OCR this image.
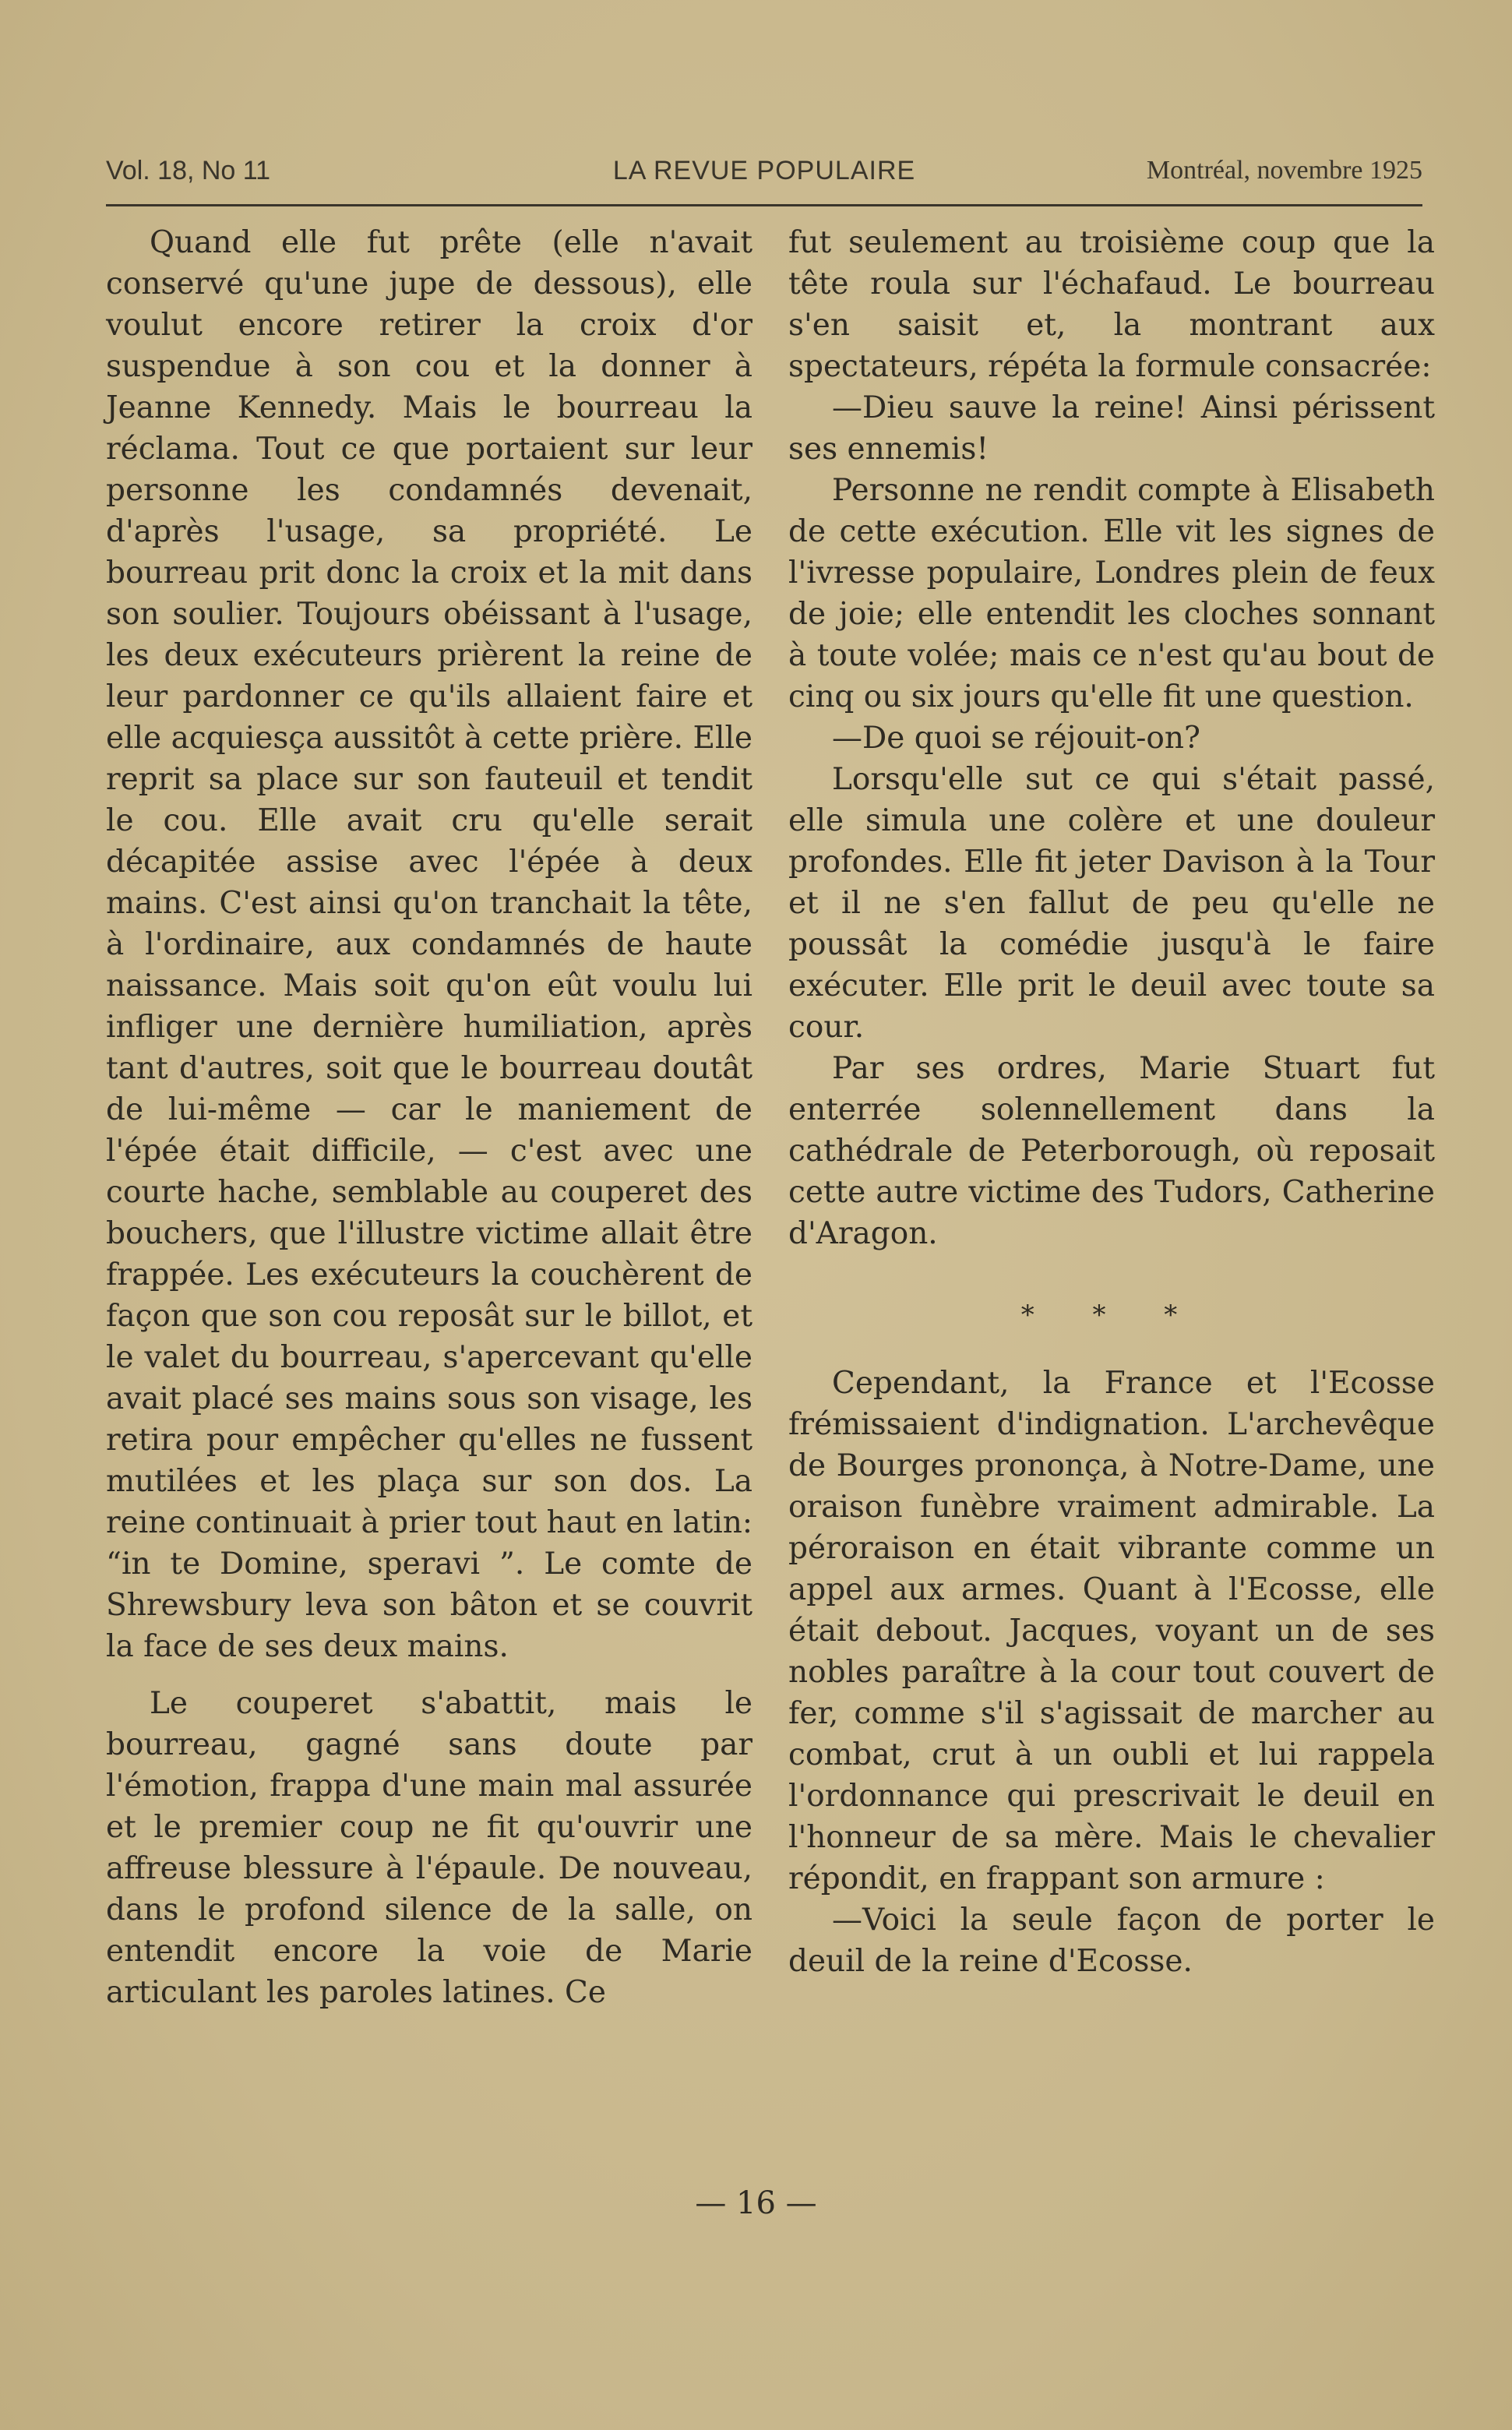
Vol. 18, No 11	LA REVUE POPULAIRE	Montréal, novembre 1925

Quand elle fut prête (elle n'avait conservé qu'une jupe de dessous), elle voulut encore retirer la croix d'or suspendue à son cou et la donner à Jeanne Kennedy. Mais le bourreau la réclama. Tout ce que portaient sur leur personne les condamnés devenait, d'après l'usage, sa propriété. Le bourreau prit donc la croix et la mit dans son soulier. Toujours obéissant à l'usage, les deux exécuteurs prièrent la reine de leur pardonner ce qu'ils allaient faire et elle acquiesça aussitôt à cette prière. Elle reprit sa place sur son fauteuil et tendit le cou. Elle avait cru qu'elle serait décapitée assise avec l'épée à deux mains. C'est ainsi qu'on tranchait la tête, à l'ordinaire, aux condamnés de haute naissance. Mais soit qu'on eût voulu lui infliger une dernière humiliation, après tant d'autres, soit que le bourreau doutât de lui-même — car le maniement de l'épée était difficile, — c'est avec une courte hache, semblable au couperet des bouchers, que l'illustre victime allait être frappée. Les exécuteurs la couchèrent de façon que son cou reposât sur le billot, et le valet du bourreau, s'apercevant qu'elle avait placé ses mains sous son visage, les retira pour empêcher qu'elles ne fussent mutilées et les plaça sur son dos. La reine continuait à prier tout haut en latin: “in te Domine, speravi ”. Le comte de Shrewsbury leva son bâton et se couvrit la face de ses deux mains.

Le couperet s'abattit, mais le bourreau, gagné sans doute par l'émotion, frappa d'une main mal assurée et le premier coup ne fit qu'ouvrir une affreuse blessure à l'épaule. De nouveau, dans le profond silence de la salle, on entendit encore la voie de Marie articulant les paroles latines. Ce

fut seulement au troisième coup que la tête roula sur l'échafaud. Le bourreau s'en saisit et, la montrant aux spectateurs, répéta la formule consacrée:

—Dieu sauve la reine! Ainsi périssent ses ennemis!

Personne ne rendit compte à Elisabeth de cette exécution. Elle vit les signes de l'ivresse populaire, Londres plein de feux de joie; elle entendit les cloches sonnant à toute volée; mais ce n'est qu'au bout de cinq ou six jours qu'elle fit une question.

—De quoi se réjouit-on?

Lorsqu'elle sut ce qui s'était passé, elle simula une colère et une douleur profondes. Elle fit jeter Davison à la Tour et il ne s'en fallut de peu qu'elle ne poussât la comédie jusqu'à le faire exécuter. Elle prit le deuil avec toute sa cour.

Par ses ordres, Marie Stuart fut enterrée solennellement dans la cathédrale de Peterborough, où reposait cette autre victime des Tudors, Catherine d'Aragon.

* * *

Cependant, la France et l'Ecosse frémissaient d'indignation. L'archevêque de Bourges prononça, à Notre-Dame, une oraison funèbre vraiment admirable. La péroraison en était vibrante comme un appel aux armes. Quant à l'Ecosse, elle était debout. Jacques, voyant un de ses nobles paraître à la cour tout couvert de fer, comme s'il s'agissait de marcher au combat, crut à un oubli et lui rappela l'ordonnance qui prescrivait le deuil en l'honneur de sa mère. Mais le chevalier répondit, en frappant son armure :

—Voici la seule façon de porter le deuil de la reine d'Ecosse.

— 16 —
